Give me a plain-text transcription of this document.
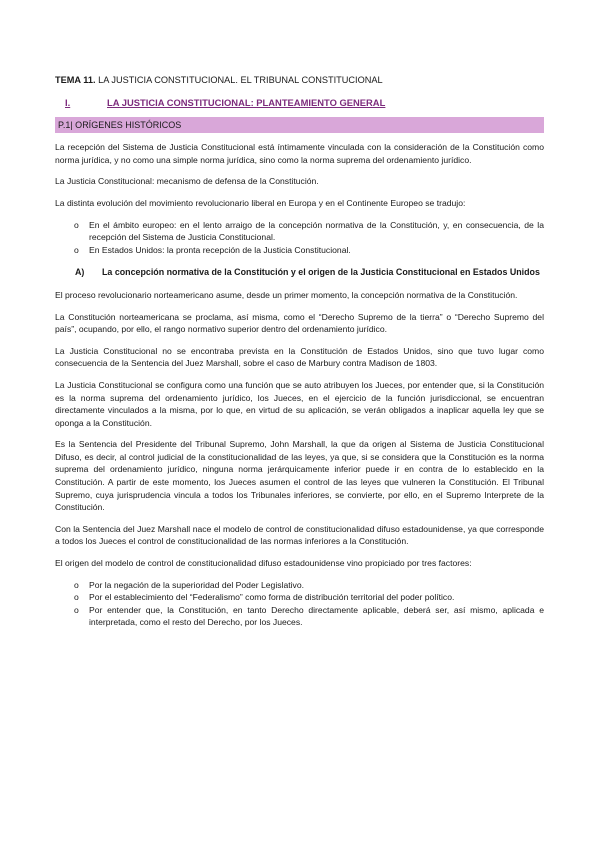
TEMA 11. LA JUSTICIA CONSTITUCIONAL. EL TRIBUNAL CONSTITUCIONAL
I.	LA JUSTICIA CONSTITUCIONAL: PLANTEAMIENTO GENERAL
P.1| ORÍGENES HISTÓRICOS

La recepción del Sistema de Justicia Constitucional está íntimamente vinculada con la consideración de la Constitución como norma jurídica, y no como una simple norma jurídica, sino como la norma suprema del ordenamiento jurídico.

La Justicia Constitucional: mecanismo de defensa de la Constitución.

La distinta evolución del movimiento revolucionario liberal en Europa y en el Continente Europeo se tradujo:

o En el ámbito europeo: en el lento arraigo de la concepción normativa de la Constitución, y, en consecuencia, de la recepción del Sistema de Justicia Constitucional.
o En Estados Unidos: la pronta recepción de la Justicia Constitucional.
A)	La concepción normativa de la Constitución y el origen de la Justicia Constitucional en Estados Unidos

El proceso revolucionario norteamericano asume, desde un primer momento, la concepción normativa de la Constitución.

La Constitución norteamericana se proclama, así misma, como el “Derecho Supremo de la tierra” o “Derecho Supremo del país”, ocupando, por ello, el rango normativo superior dentro del ordenamiento jurídico.

La Justicia Constitucional no se encontraba prevista en la Constitución de Estados Unidos, sino que tuvo lugar como consecuencia de la Sentencia del Juez Marshall, sobre el caso de Marbury contra Madison de 1803.

La Justicia Constitucional se configura como una función que se auto atribuyen los Jueces, por entender que, si la Constitución es la norma suprema del ordenamiento jurídico, los Jueces, en el ejercicio de la función jurisdiccional, se encuentran directamente vinculados a la misma, por lo que, en virtud de su aplicación, se verán obligados a inaplicar aquella ley que se oponga a la Constitución.

Es la Sentencia del Presidente del Tribunal Supremo, John Marshall, la que da origen al Sistema de Justicia Constitucional Difuso, es decir, al control judicial de la constitucionalidad de las leyes, ya que, si se considera que la Constitución es la norma suprema del ordenamiento jurídico, ninguna norma jerárquicamente inferior puede ir en contra de lo establecido en la Constitución. A partir de este momento, los Jueces asumen el control de las leyes que vulneren la Constitución. El Tribunal Supremo, cuya jurisprudencia vincula a todos los Tribunales inferiores, se convierte, por ello, en el Supremo Interprete de la Constitución.

Con la Sentencia del Juez Marshall nace el modelo de control de constitucionalidad difuso estadounidense, ya que corresponde a todos los Jueces el control de constitucionalidad de las normas inferiores a la Constitución.

El origen del modelo de control de constitucionalidad difuso estadounidense vino propiciado por tres factores:

o Por la negación de la superioridad del Poder Legislativo.
o Por el establecimiento del “Federalismo” como forma de distribución territorial del poder político.
o Por entender que, la Constitución, en tanto Derecho directamente aplicable, deberá ser, así mismo, aplicada e interpretada, como el resto del Derecho, por los Jueces.
